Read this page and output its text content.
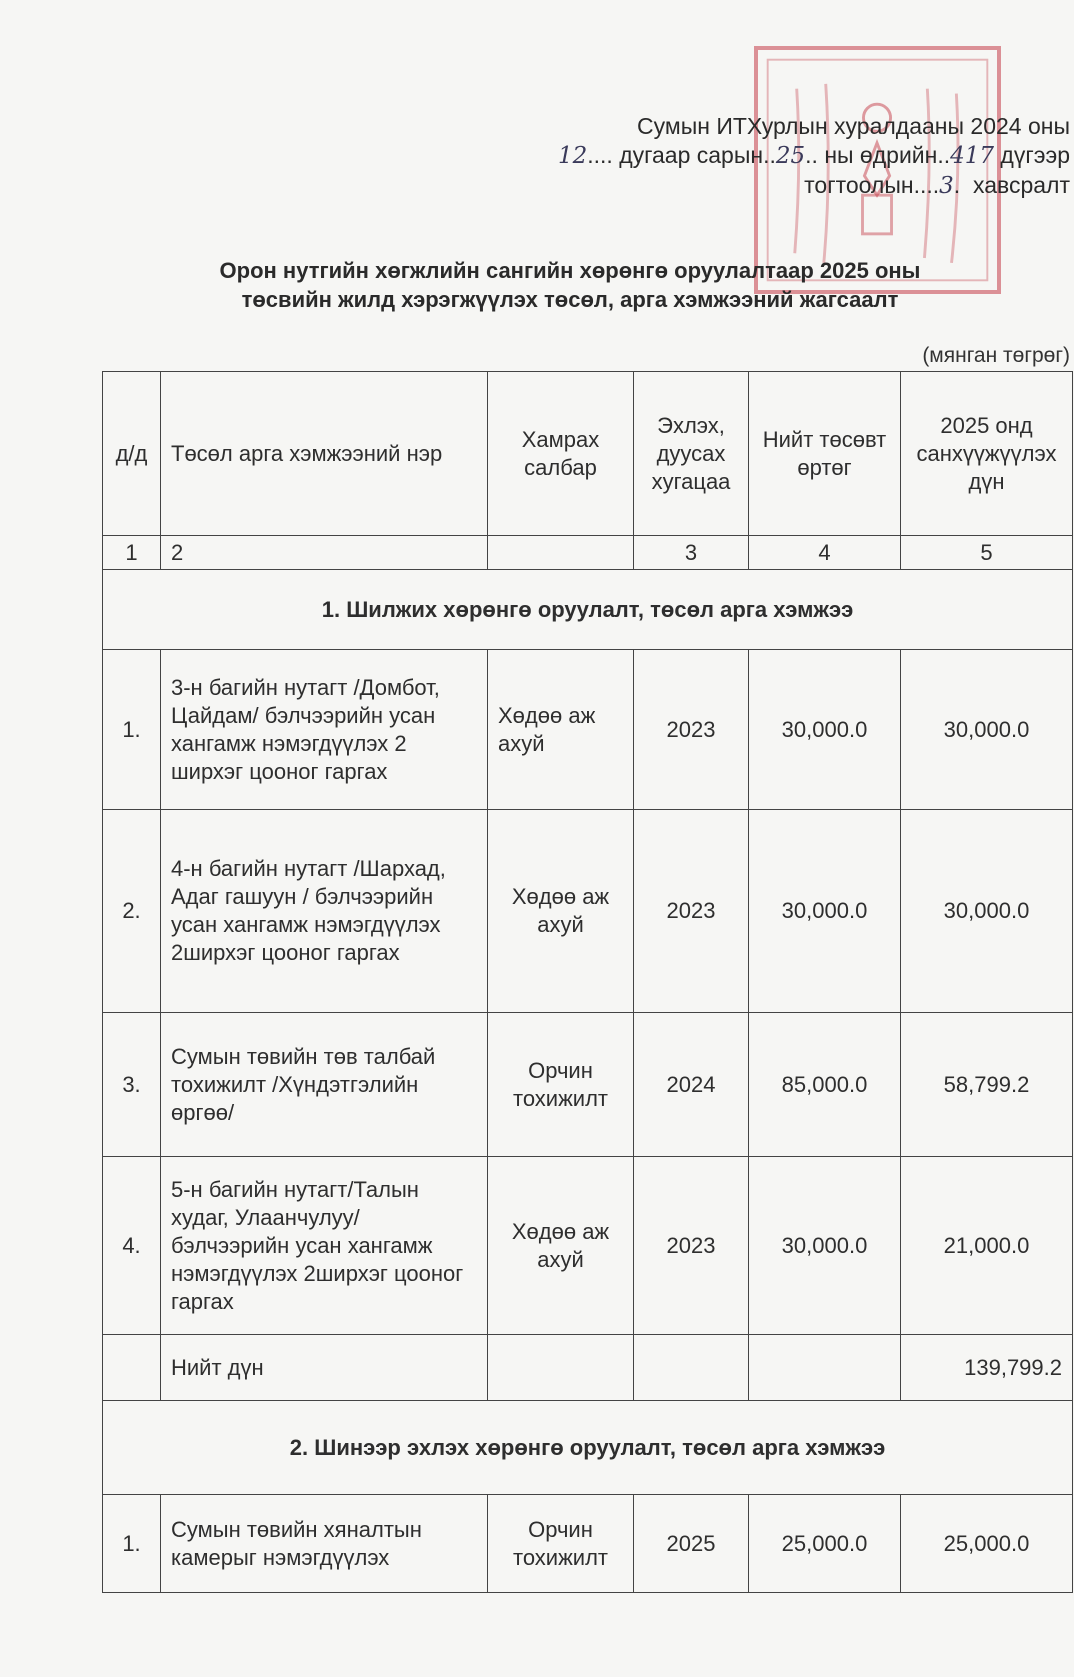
Сумын ИТХурлын хуралдааны 2024 оны
12.... дугаар сарын..25.. ны өдрийн..417 дүгээр
тогтоолын....3.  хавсралт
Орон нутгийн хөгжлийн сангийн хөрөнгө оруулалтаар 2025 оны
төсвийн жилд хэрэгжүүлэх төсөл, арга хэмжээний жагсаалт
(мянган төгрөг)
д/д	Төсөл арга хэмжээний нэр	Хамрах салбар	Эхлэх, дуусах хугацаа	Нийт төсөвт өртөг	2025 онд санхүүжүүлэх дүн
1	2		3	4	5
1. Шилжих хөрөнгө оруулалт, төсөл арга хэмжээ					
1.	3-н багийн нутагт /Домбот, Цайдам/ бэлчээрийн усан хангамж нэмэгдүүлэх 2 ширхэг цооног гаргах	Хөдөө аж ахуй	2023	30,000.0	30,000.0
2.	4-н багийн нутагт /Шархад, Адаг гашуун / бэлчээрийн усан хангамж нэмэгдүүлэх 2ширхэг цооног гаргах	Хөдөө аж ахуй	2023	30,000.0	30,000.0
3.	Сумын төвийн төв талбай тохижилт /Хүндэтгэлийн өргөө/	Орчин тохижилт	2024	85,000.0	58,799.2
4.	5-н багийн нутагт/Талын худаг, Улаанчулуу/ бэлчээрийн усан хангамж нэмэгдүүлэх 2ширхэг цооног гаргах	Хөдөө аж ахуй	2023	30,000.0	21,000.0
	Нийт дүн				139,799.2
2. Шинээр эхлэх хөрөнгө оруулалт, төсөл арга хэмжээ					
1.	Сумын төвийн хяналтын камерыг нэмэгдүүлэх	Орчин тохижилт	2025	25,000.0	25,000.0
